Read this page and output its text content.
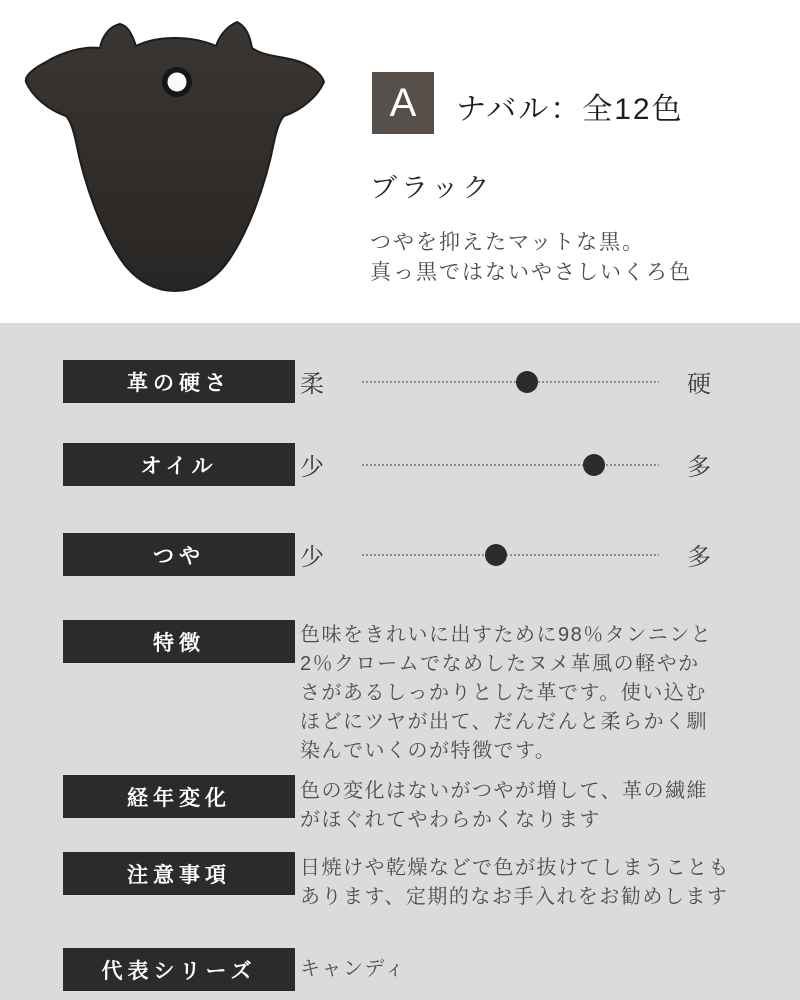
A	ナバル：全12色
ブラック
つやを抑えたマットな黒。
真っ黒ではないやさしいくろ色
革の硬さ	柔	硬
オイル	少	多
つや	少	多
特徴	色味をきれいに出すために98％タンニンと
2％クロームでなめしたヌメ革風の軽やか
さがあるしっかりとした革です。使い込む
ほどにツヤが出て、だんだんと柔らかく馴
染んでいくのが特徴です。
経年変化	色の変化はないがつやが増して、革の繊維
がほぐれてやわらかくなります
注意事項	日焼けや乾燥などで色が抜けてしまうことも
あります、定期的なお手入れをお勧めします
代表シリーズ	キャンディ
